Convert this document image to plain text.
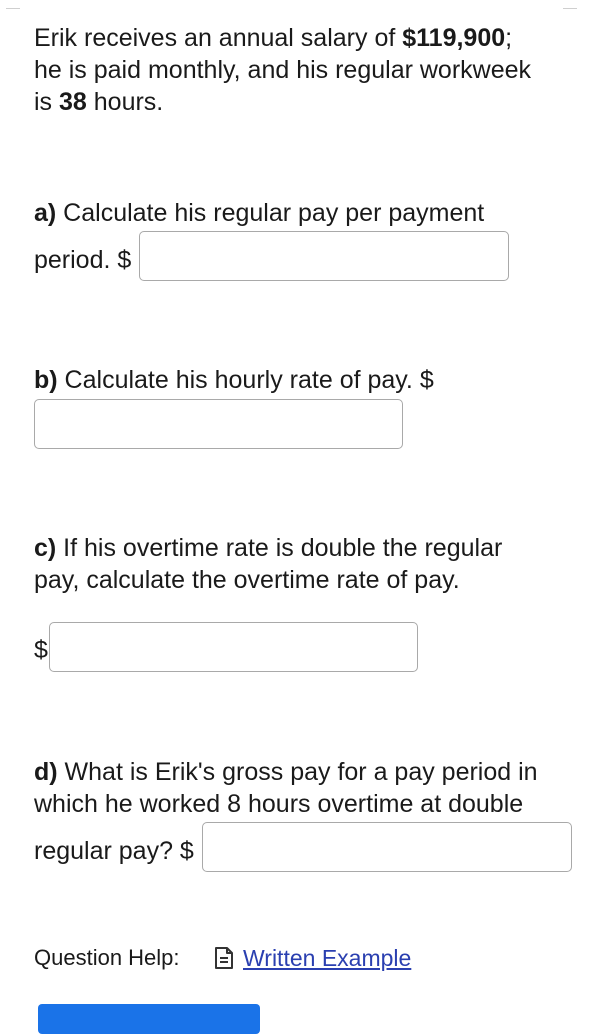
Erik receives an annual salary of $119,900;
he is paid monthly, and his regular workweek
is 38 hours.
a) Calculate his regular pay per payment
period. $
b) Calculate his hourly rate of pay. $
c) If his overtime rate is double the regular
pay, calculate the overtime rate of pay.
$
d) What is Erik's gross pay for a pay period in
which he worked 8 hours overtime at double
regular pay? $
Question Help:	Written Example
